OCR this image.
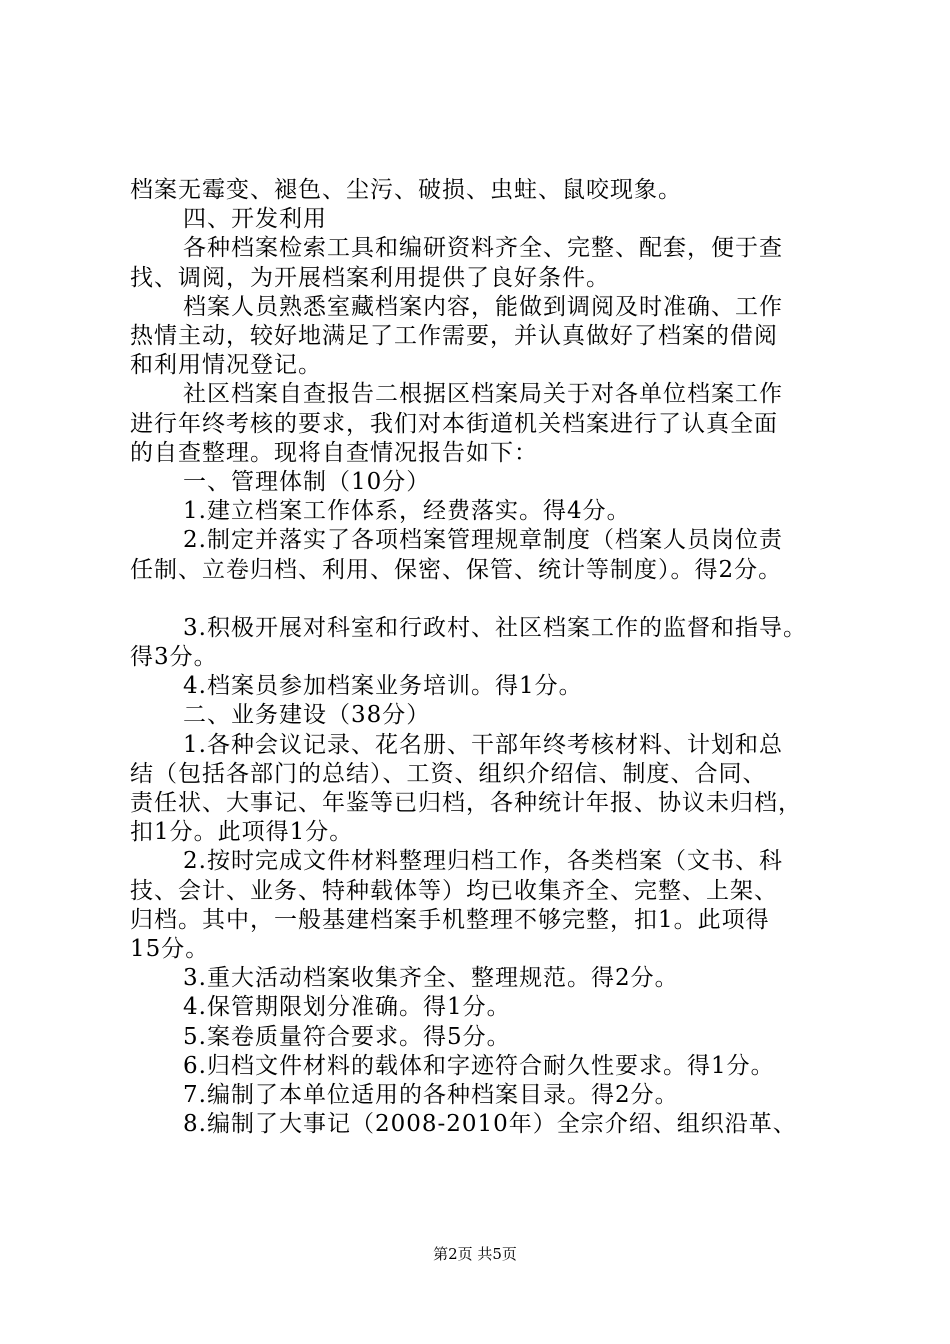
档案无霉变、褪色、尘污、破损、虫蛀、鼠咬现象。

四、开发利用

各种档案检索工具和编研资料齐全、完整、配套，便于查

找、调阅，为开展档案利用提供了良好条件。

档案人员熟悉室藏档案内容，能做到调阅及时准确、工作

热情主动，较好地满足了工作需要，并认真做好了档案的借阅

和利用情况登记。

社区档案自查报告二根据区档案局关于对各单位档案工作

进行年终考核的要求，我们对本街道机关档案进行了认真全面

的自查整理。现将自查情况报告如下：

一、管理体制（10分）

1.建立档案工作体系，经费落实。得4分。

2.制定并落实了各项档案管理规章制度（档案人员岗位责

任制、立卷归档、利用、保密、保管、统计等制度）。得2分。

3.积极开展对科室和行政村、社区档案工作的监督和指导。

得3分。

4.档案员参加档案业务培训。得1分。

二、业务建设（38分）

1.各种会议记录、花名册、干部年终考核材料、计划和总

结（包括各部门的总结）、工资、组织介绍信、制度、合同、

责任状、大事记、年鉴等已归档，各种统计年报、协议未归档，

扣1分。此项得1分。

2.按时完成文件材料整理归档工作，各类档案（文书、科

技、会计、业务、特种载体等）均已收集齐全、完整、上架、

归档。其中，一般基建档案手机整理不够完整，扣1。此项得

15分。

3.重大活动档案收集齐全、整理规范。得2分。

4.保管期限划分准确。得1分。

5.案卷质量符合要求。得5分。

6.归档文件材料的载体和字迹符合耐久性要求。得1分。

7.编制了本单位适用的各种档案目录。得2分。

8.编制了大事记（2008-2010年）全宗介绍、组织沿革、

第2页 共5页
